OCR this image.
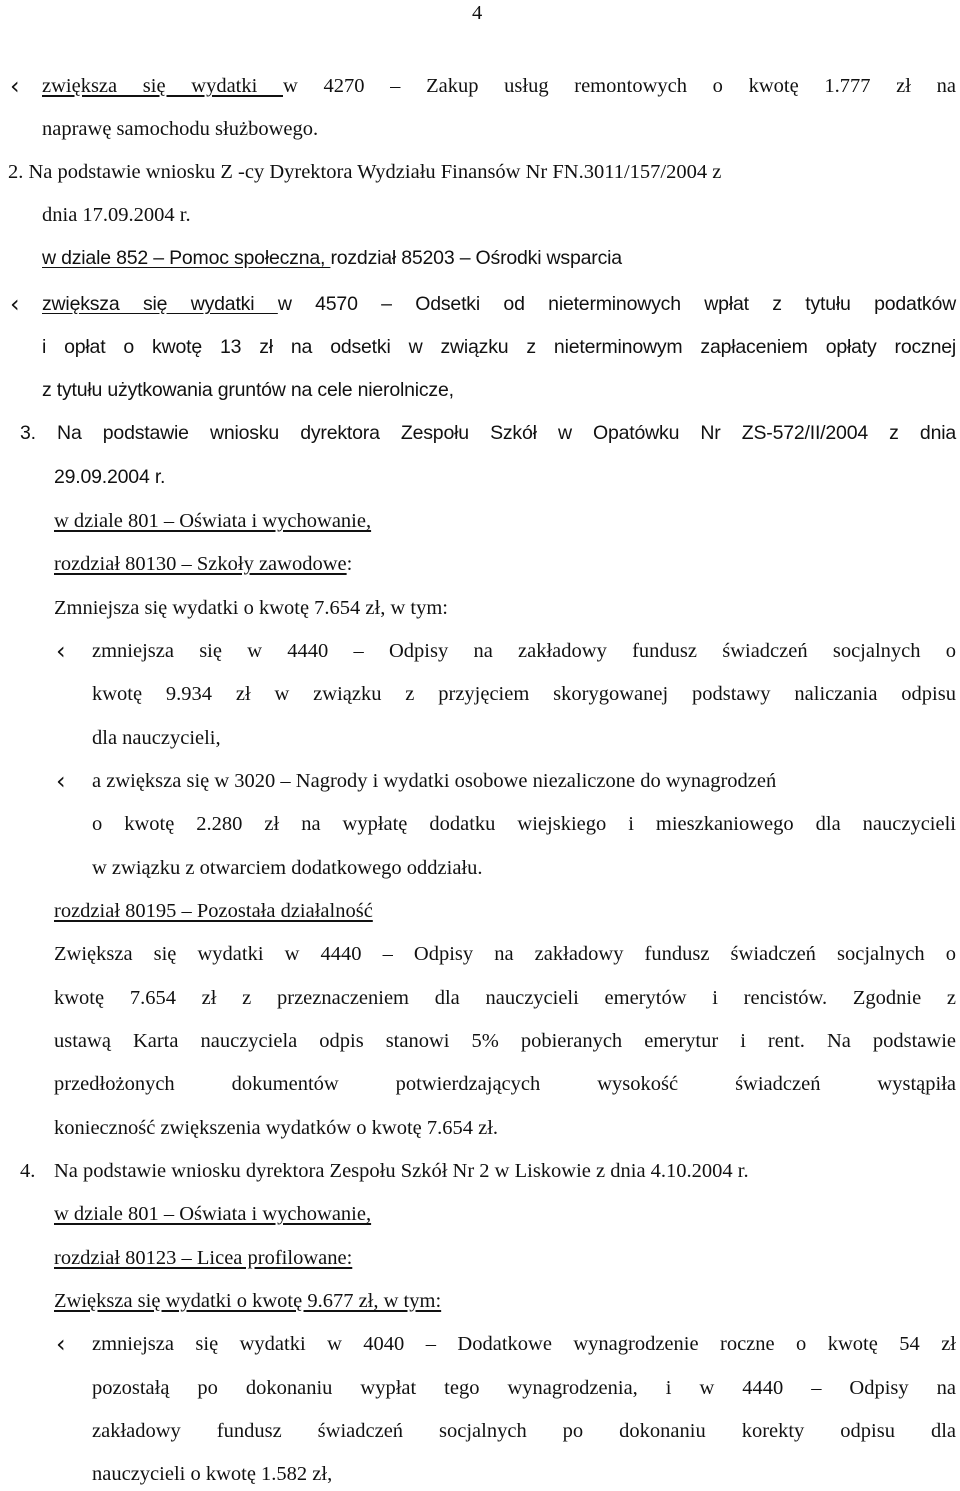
4
‹ zwiększa się wydatki w 4270 – Zakup usług remontowych o kwotę 1.777 zł na
naprawę samochodu służbowego.
2. Na podstawie wniosku Z -cy Dyrektora Wydziału Finansów Nr FN.3011/157/2004 z
dnia 17.09.2004 r.
w dziale 852 – Pomoc społeczna, rozdział 85203 – Ośrodki wsparcia
‹ zwiększa się wydatki w 4570 – Odsetki od nieterminowych wpłat z tytułu podatków
i opłat o kwotę 13 zł na odsetki w związku z nieterminowym zapłaceniem opłaty rocznej
z tytułu użytkowania gruntów na cele nierolnicze,
3. Na podstawie wniosku dyrektora Zespołu Szkół w Opatówku Nr ZS-572/II/2004 z dnia
29.09.2004 r.
w dziale 801 – Oświata i wychowanie,
rozdział 80130 – Szkoły zawodowe:
Zmniejsza się wydatki o kwotę 7.654 zł, w tym:
‹ zmniejsza się w 4440 – Odpisy na zakładowy fundusz świadczeń socjalnych o
kwotę 9.934 zł w związku z przyjęciem skorygowanej podstawy naliczania odpisu
dla nauczycieli,
‹ a zwiększa się w 3020 – Nagrody i wydatki osobowe niezaliczone do wynagrodzeń
o kwotę 2.280 zł na wypłatę dodatku wiejskiego i mieszkaniowego dla nauczycieli
w związku z otwarciem dodatkowego oddziału.
rozdział 80195 – Pozostała działalność
Zwiększa się wydatki w 4440 – Odpisy na zakładowy fundusz świadczeń socjalnych o
kwotę 7.654 zł z przeznaczeniem dla nauczycieli emerytów i rencistów. Zgodnie z
ustawą Karta nauczyciela odpis stanowi 5% pobieranych emerytur i rent. Na podstawie
przedłożonych dokumentów potwierdzających wysokość świadczeń wystąpiła
konieczność zwiększenia wydatków o kwotę 7.654 zł.
4. Na podstawie wniosku dyrektora Zespołu Szkół Nr 2 w Liskowie z dnia 4.10.2004 r.
w dziale 801 – Oświata i wychowanie,
rozdział 80123 – Licea profilowane:
Zwiększa się wydatki o kwotę 9.677 zł, w tym:
‹ zmniejsza się wydatki w 4040 – Dodatkowe wynagrodzenie roczne o kwotę 54 zł
pozostałą po dokonaniu wypłat tego wynagrodzenia, i w 4440 – Odpisy na
zakładowy fundusz świadczeń socjalnych po dokonaniu korekty odpisu dla
nauczycieli o kwotę 1.582 zł,
